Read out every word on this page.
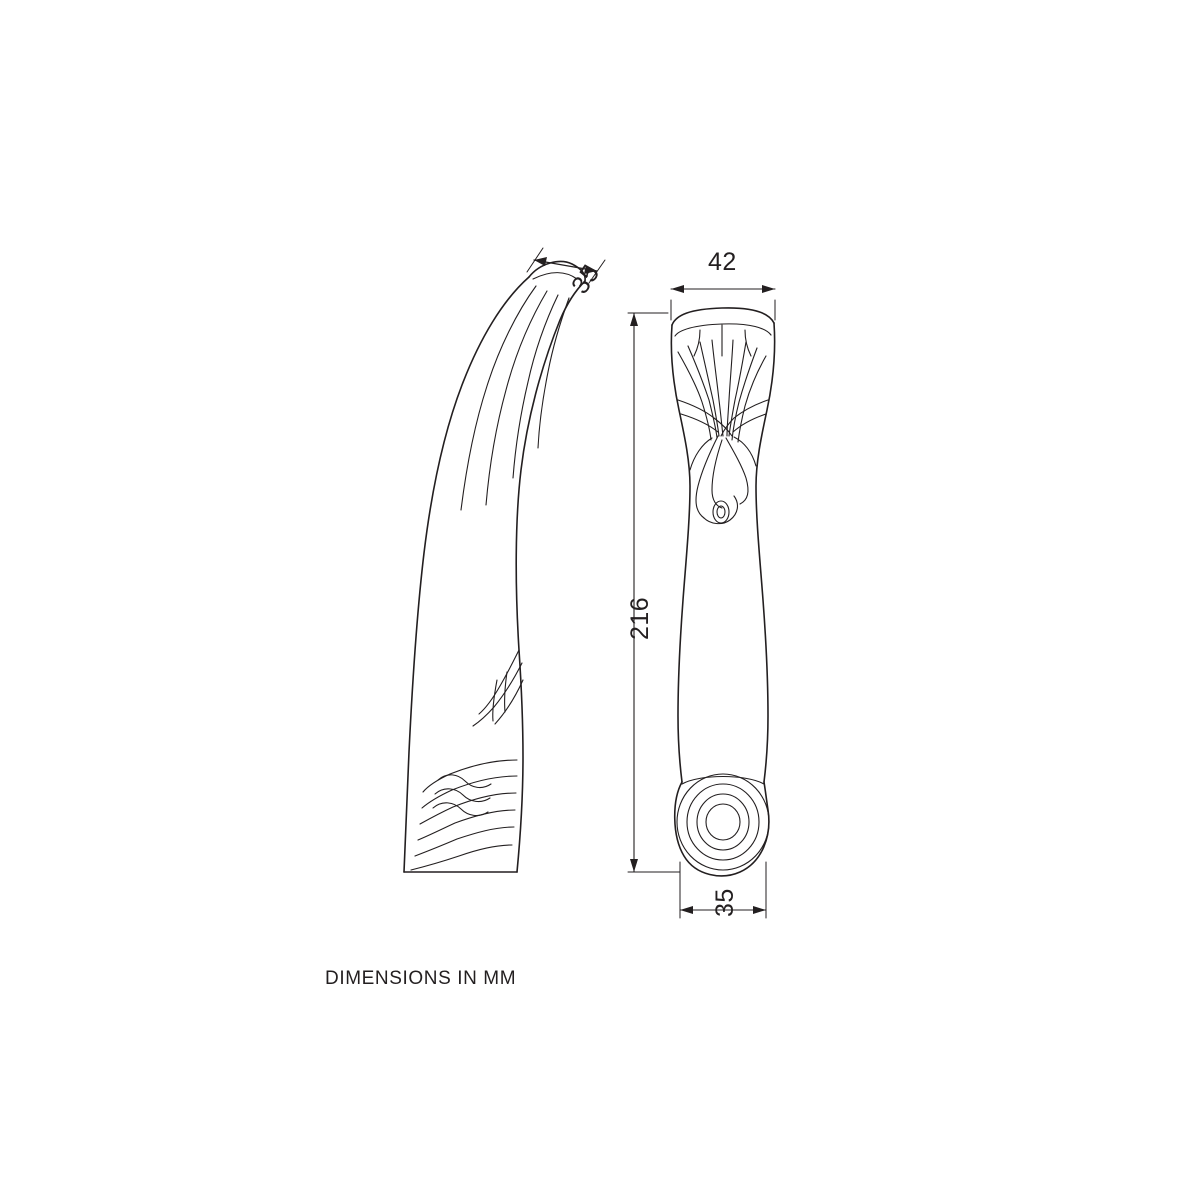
35	42
216
35
DIMENSIONS IN MM
